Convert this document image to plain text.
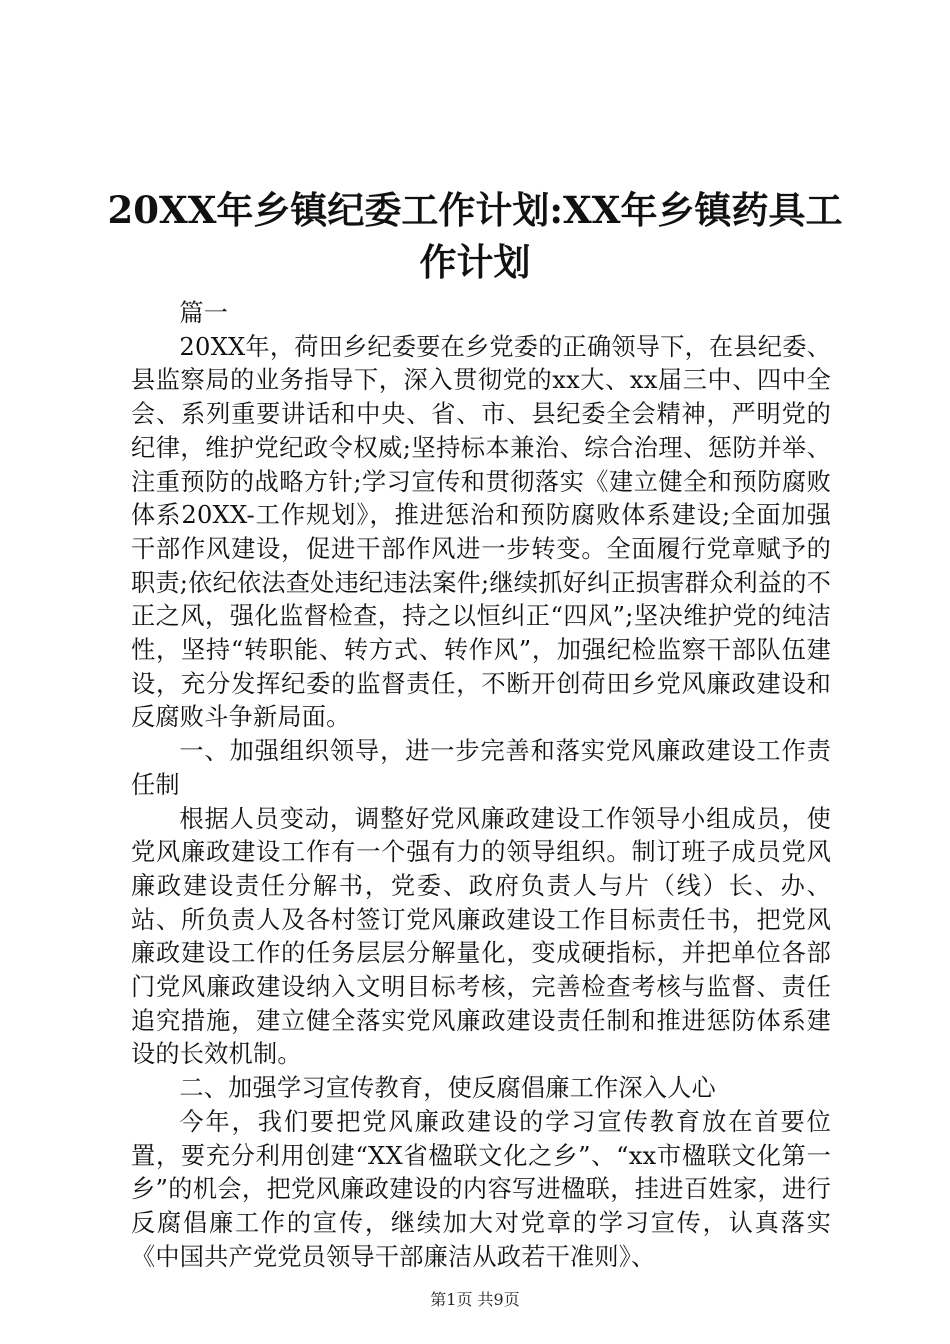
20XX年乡镇纪委工作计划:XX年乡镇药具工作计划

篇一

20XX年，荷田乡纪委要在乡党委的正确领导下，在县纪委、县监察局的业务指导下，深入贯彻党的xx大、xx届三中、四中全会、系列重要讲话和中央、省、市、县纪委全会精神，严明党的纪律，维护党纪政令权威;坚持标本兼治、综合治理、惩防并举、注重预防的战略方针;学习宣传和贯彻落实《建立健全和预防腐败体系20XX-工作规划》，推进惩治和预防腐败体系建设;全面加强干部作风建设，促进干部作风进一步转变。全面履行党章赋予的职责;依纪依法查处违纪违法案件;继续抓好纠正损害群众利益的不正之风，强化监督检查，持之以恒纠正“四风”;坚决维护党的纯洁性，坚持“转职能、转方式、转作风”，加强纪检监察干部队伍建设，充分发挥纪委的监督责任，不断开创荷田乡党风廉政建设和反腐败斗争新局面。

一、加强组织领导，进一步完善和落实党风廉政建设工作责任制

根据人员变动，调整好党风廉政建设工作领导小组成员，使党风廉政建设工作有一个强有力的领导组织。制订班子成员党风廉政建设责任分解书，党委、政府负责人与片（线）长、办、站、所负责人及各村签订党风廉政建设工作目标责任书，把党风廉政建设工作的任务层层分解量化，变成硬指标，并把单位各部门党风廉政建设纳入文明目标考核，完善检查考核与监督、责任追究措施，建立健全落实党风廉政建设责任制和推进惩防体系建设的长效机制。

二、加强学习宣传教育，使反腐倡廉工作深入人心

今年，我们要把党风廉政建设的学习宣传教育放在首要位置，要充分利用创建“XX省楹联文化之乡”、“xx市楹联文化第一乡”的机会，把党风廉政建设的内容写进楹联，挂进百姓家，进行反腐倡廉工作的宣传，继续加大对党章的学习宣传，认真落实《中国共产党党员领导干部廉洁从政若干准则》、

第1页 共9页
